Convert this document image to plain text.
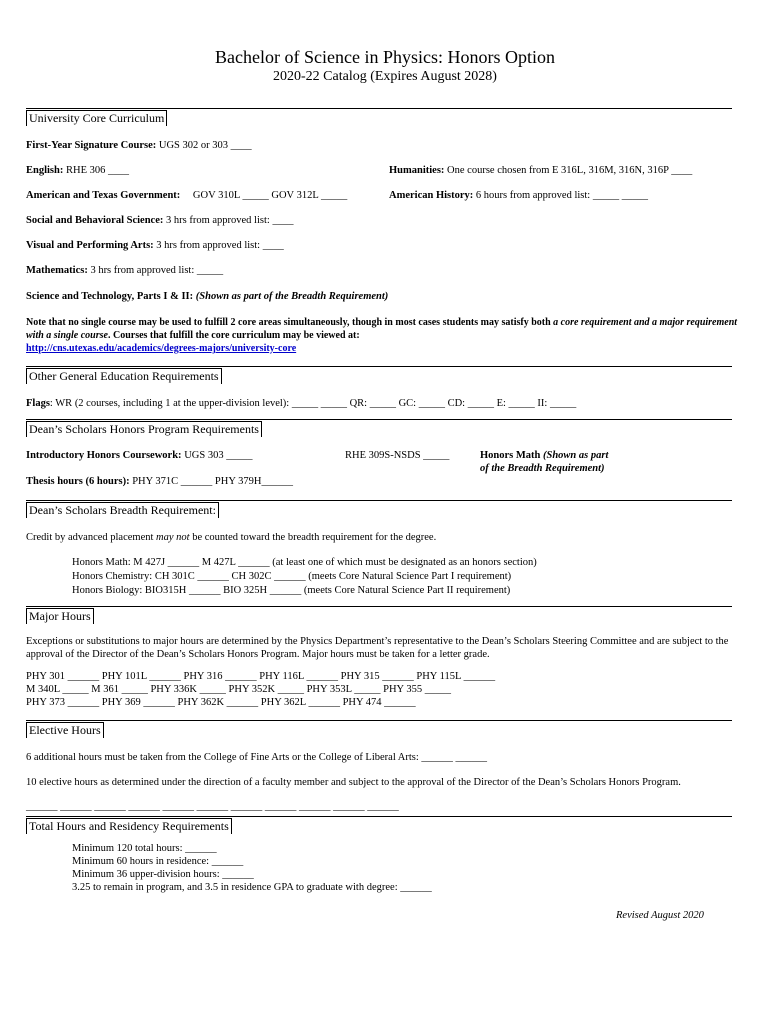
Bachelor of Science in Physics: Honors Option
2020-22 Catalog (Expires August 2028)
University Core Curriculum
First-Year Signature Course: UGS 302 or 303 ____
English: RHE 306 ____	Humanities: One course chosen from E 316L, 316M, 316N, 316P ____
American and Texas Government: GOV 310L _____ GOV 312L _____	American History: 6 hours from approved list: _____ _____
Social and Behavioral Science: 3 hrs from approved list: ____
Visual and Performing Arts: 3 hrs from approved list: ____
Mathematics: 3 hrs from approved list: _____
Science and Technology, Parts I & II: (Shown as part of the Breadth Requirement)
Note that no single course may be used to fulfill 2 core areas simultaneously, though in most cases students may satisfy both a core requirement and a major requirement with a single course. Courses that fulfill the core curriculum may be viewed at:
http://cns.utexas.edu/academics/degrees-majors/university-core
Other General Education Requirements
Flags: WR (2 courses, including 1 at the upper-division level): _____ _____ QR: _____ GC: _____ CD: _____ E: _____ II: _____
Dean’s Scholars Honors Program Requirements
Introductory Honors Coursework: UGS 303 _____	RHE 309S-NSDS _____	Honors Math (Shown as part
of the Breadth Requirement)
Thesis hours (6 hours): PHY 371C ______ PHY 379H______
Dean’s Scholars Breadth Requirement:
Credit by advanced placement may not be counted toward the breadth requirement for the degree.
Honors Math: M 427J ______ M 427L ______ (at least one of which must be designated as an honors section)
Honors Chemistry: CH 301C ______ CH 302C ______ (meets Core Natural Science Part I requirement)
Honors Biology: BIO315H ______ BIO 325H ______ (meets Core Natural Science Part II requirement)
Major Hours
Exceptions or substitutions to major hours are determined by the Physics Department’s representative to the Dean’s Scholars Steering Committee and are subject to the approval of the Director of the Dean’s Scholars Honors Program. Major hours must be taken for a letter grade.
PHY 301 ______ PHY 101L ______ PHY 316 ______ PHY 116L ______ PHY 315 ______ PHY 115L ______
M 340L _____ M 361 _____ PHY 336K _____ PHY 352K _____ PHY 353L _____ PHY 355 _____
PHY 373 ______ PHY 369 ______ PHY 362K ______ PHY 362L ______ PHY 474 ______
Elective Hours
6 additional hours must be taken from the College of Fine Arts or the College of Liberal Arts: ______ ______
10 elective hours as determined under the direction of a faculty member and subject to the approval of the Director of the Dean’s Scholars Honors Program.
______ ______ ______ ______ ______ ______ ______ ______ ______ ______ ______
Total Hours and Residency Requirements
Minimum 120 total hours: ______
Minimum 60 hours in residence: ______
Minimum 36 upper-division hours: ______
3.25 to remain in program, and 3.5 in residence GPA to graduate with degree: ______
Revised August 2020
